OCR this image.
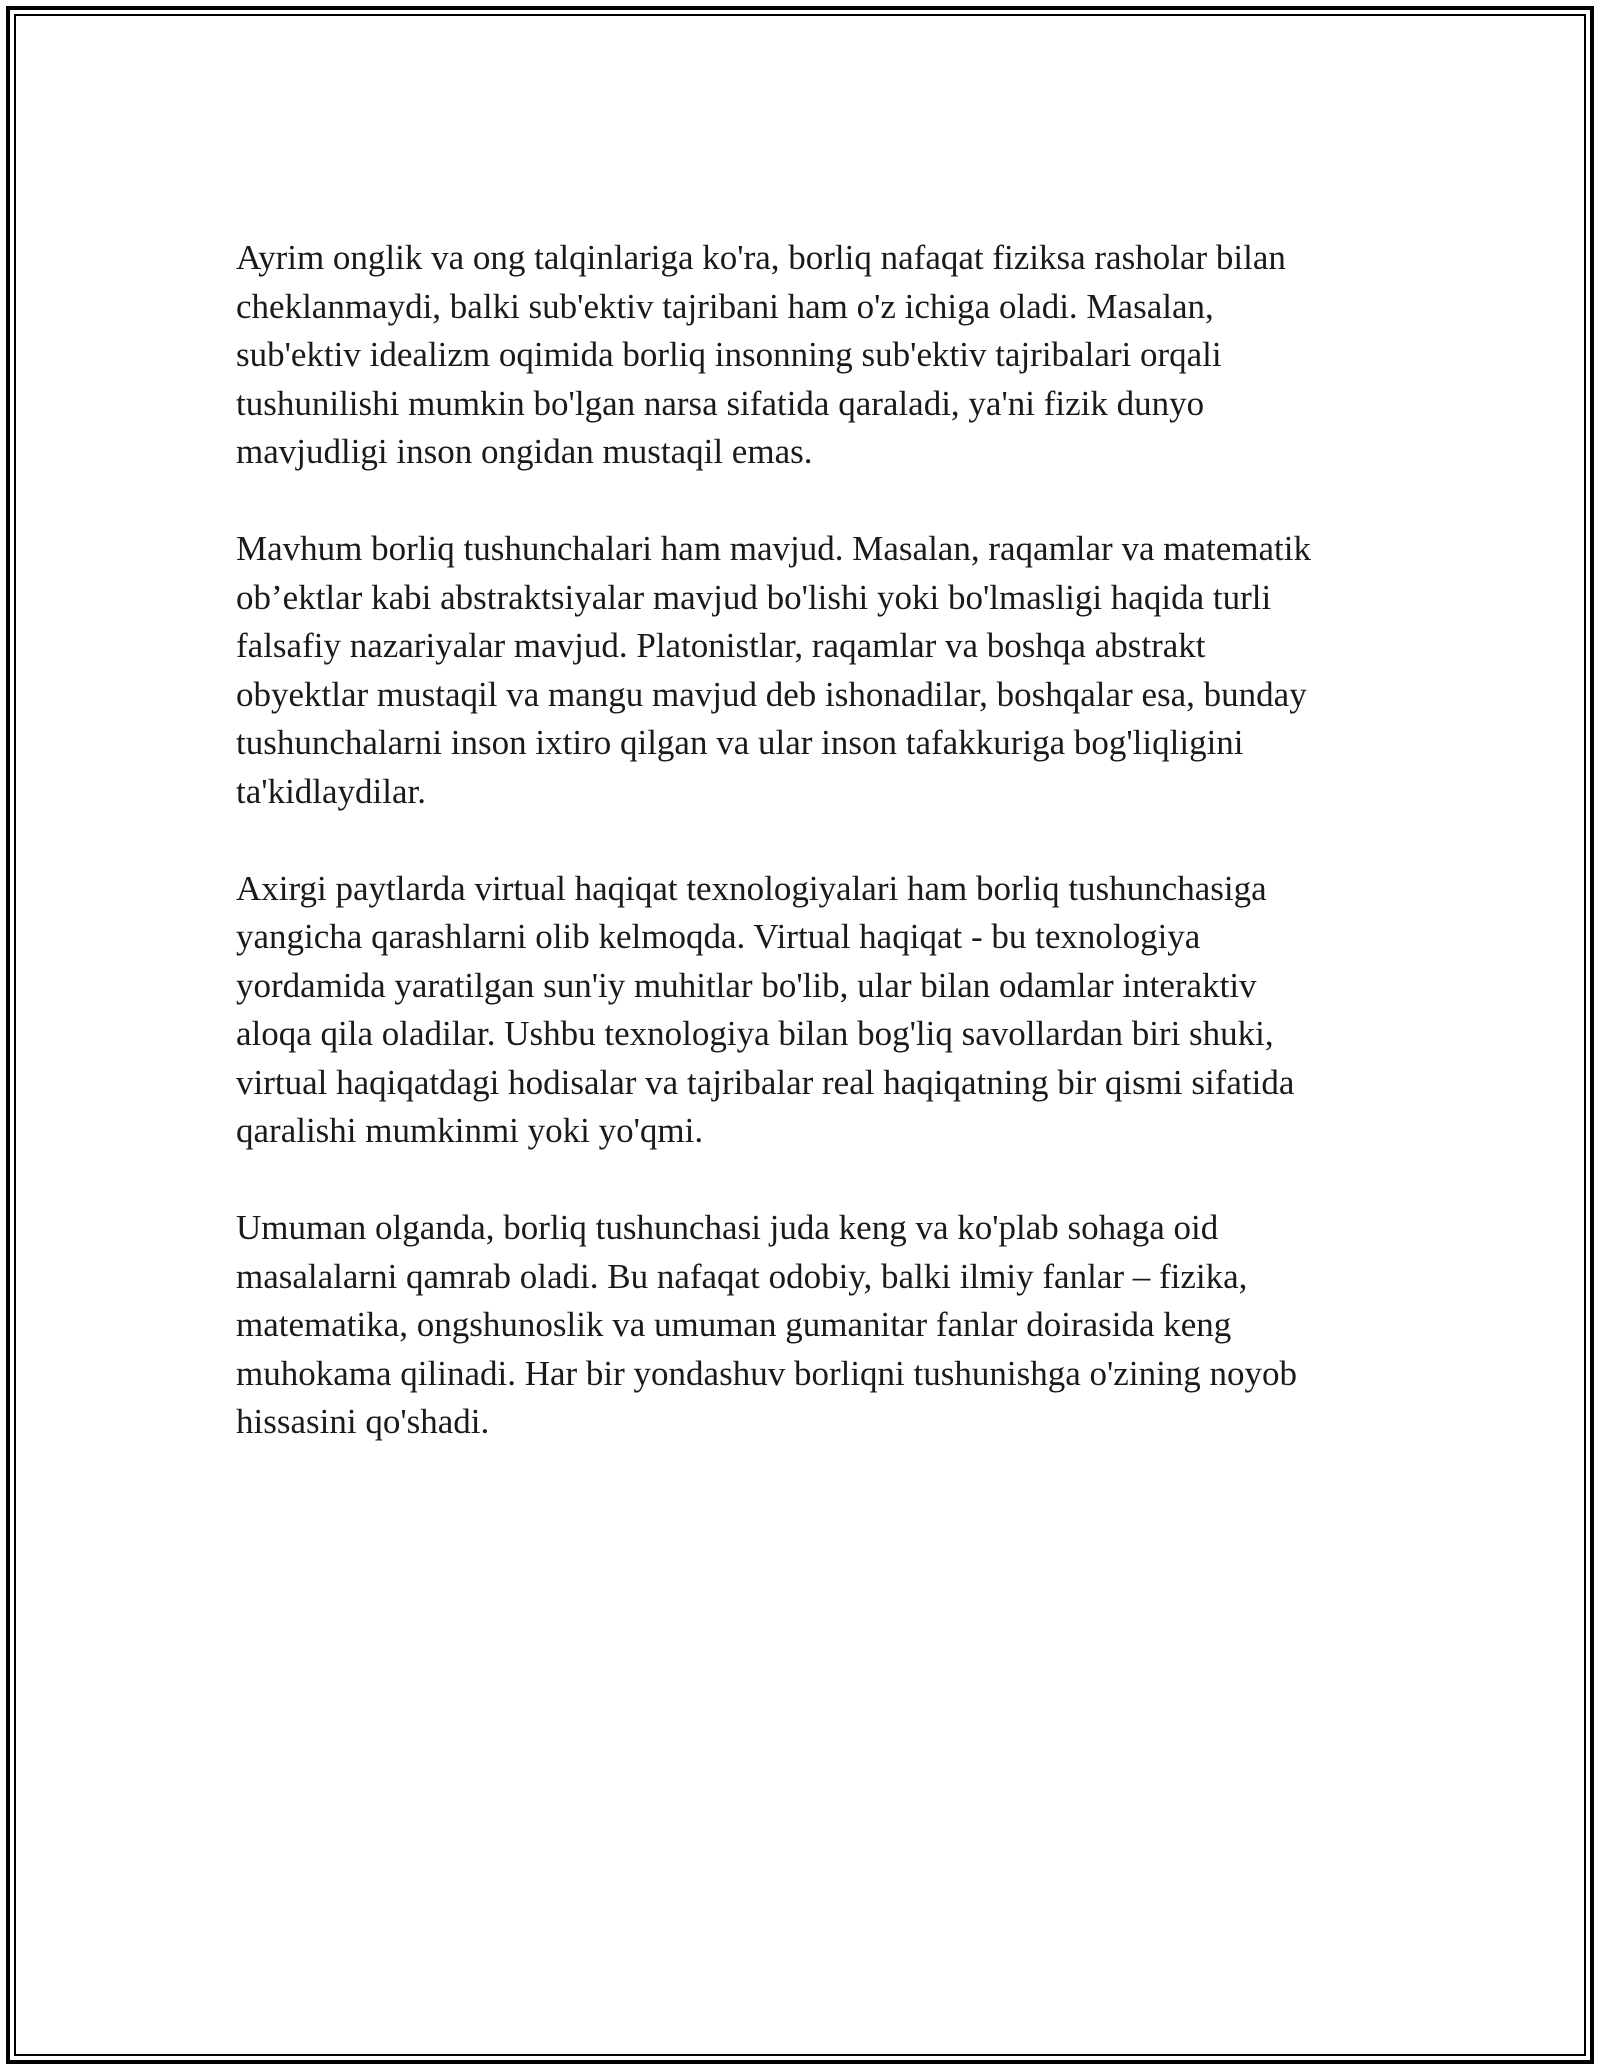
Ayrim onglik va ong talqinlariga ko'ra, borliq nafaqat fiziksa rasholar bilan
cheklanmaydi, balki sub'ektiv tajribani ham o'z ichiga oladi. Masalan,
sub'ektiv idealizm oqimida borliq insonning sub'ektiv tajribalari orqali
tushunilishi mumkin bo'lgan narsa sifatida qaraladi, ya'ni fizik dunyo
mavjudligi inson ongidan mustaqil emas.

Mavhum borliq tushunchalari ham mavjud. Masalan, raqamlar va matematik
ob’ektlar kabi abstraktsiyalar mavjud bo'lishi yoki bo'lmasligi haqida turli
falsafiy nazariyalar mavjud. Platonistlar, raqamlar va boshqa abstrakt
obyektlar mustaqil va mangu mavjud deb ishonadilar, boshqalar esa, bunday
tushunchalarni inson ixtiro qilgan va ular inson tafakkuriga bog'liqligini
ta'kidlaydilar.

Axirgi paytlarda virtual haqiqat texnologiyalari ham borliq tushunchasiga
yangicha qarashlarni olib kelmoqda. Virtual haqiqat - bu texnologiya
yordamida yaratilgan sun'iy muhitlar bo'lib, ular bilan odamlar interaktiv
aloqa qila oladilar. Ushbu texnologiya bilan bog'liq savollardan biri shuki,
virtual haqiqatdagi hodisalar va tajribalar real haqiqatning bir qismi sifatida
qaralishi mumkinmi yoki yo'qmi.

Umuman olganda, borliq tushunchasi juda keng va ko'plab sohaga oid
masalalarni qamrab oladi. Bu nafaqat odobiy, balki ilmiy fanlar – fizika,
matematika, ongshunoslik va umuman gumanitar fanlar doirasida keng
muhokama qilinadi. Har bir yondashuv borliqni tushunishga o'zining noyob
hissasini qo'shadi.
